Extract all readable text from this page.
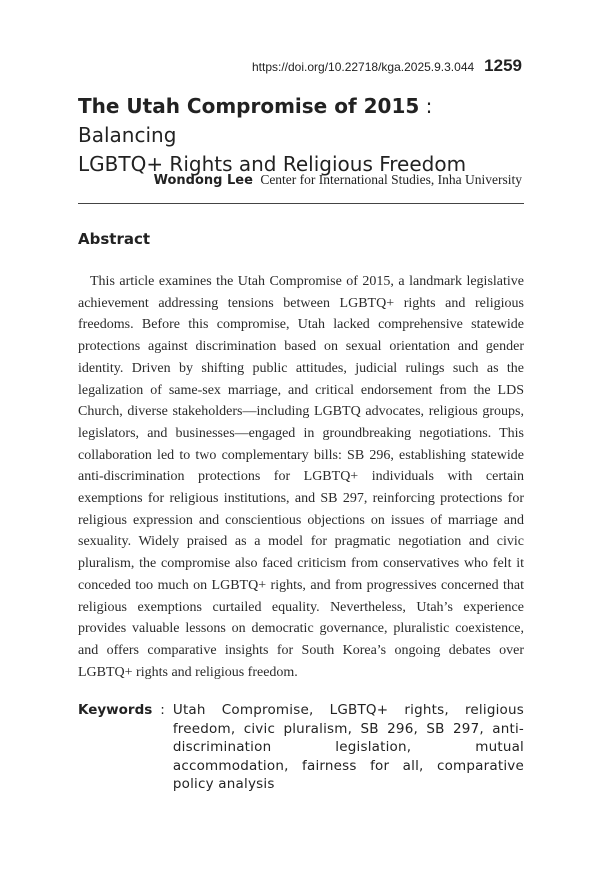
https://doi.org/10.22718/kga.2025.9.3.044 1259
The Utah Compromise of 2015 : Balancing
LGBTQ+ Rights and Religious Freedom
Wondong Lee Center for International Studies, Inha University
Abstract

This article examines the Utah Compromise of 2015, a landmark legislative achievement addressing tensions between LGBTQ+ rights and religious freedoms. Before this compromise, Utah lacked comprehensive statewide protections against discrimination based on sexual orientation and gender identity. Driven by shifting public attitudes, judicial rulings such as the legalization of same-sex marriage, and critical endorsement from the LDS Church, diverse stakeholders—including LGBTQ advocates, religious groups, legislators, and businesses—engaged in groundbreaking negotiations. This collaboration led to two complementary bills: SB 296, establishing statewide anti-discrimination protections for LGBTQ+ individuals with certain exemptions for religious institutions, and SB 297, reinforcing protections for religious expression and conscientious objections on issues of marriage and sexuality. Widely praised as a model for pragmatic negotiation and civic pluralism, the compromise also faced criticism from conservatives who felt it conceded too much on LGBTQ+ rights, and from progressives concerned that religious exemptions curtailed equality. Nevertheless, Utah’s experience provides valuable lessons on democratic governance, pluralistic coexistence, and offers comparative insights for South Korea’s ongoing debates over LGBTQ+ rights and religious freedom.

Keywords : Utah Compromise, LGBTQ+ rights, religious freedom, civic pluralism, SB 296, SB 297, anti-discrimination legislation, mutual accommodation, fairness for all, comparative policy analysis
